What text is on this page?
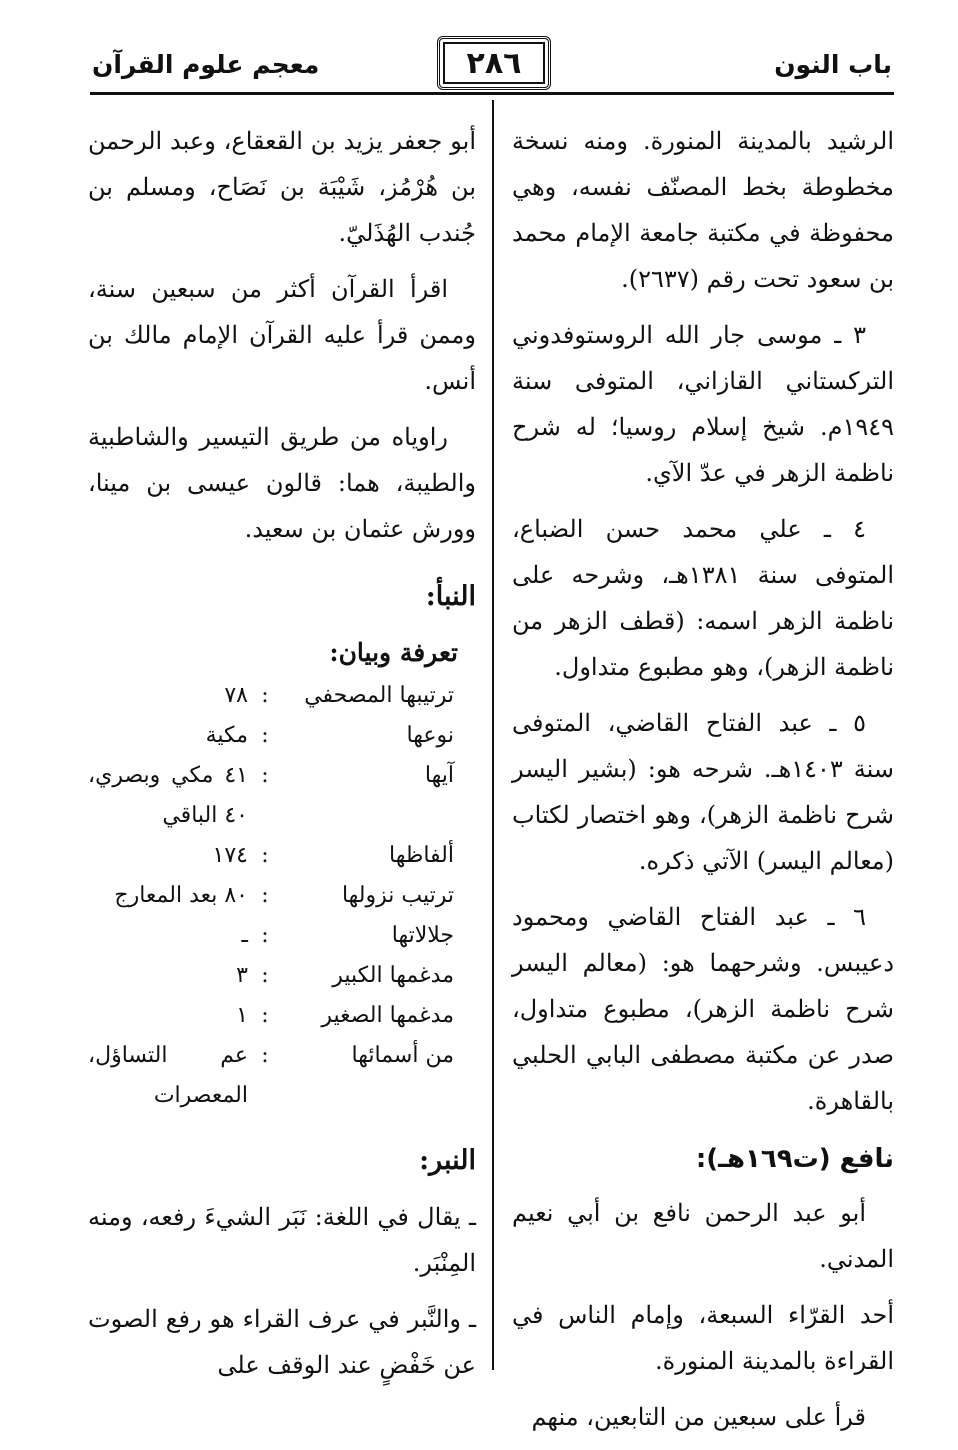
باب النون
٢٨٦
معجم علوم القرآن

الرشيد بالمدينة المنورة. ومنه نسخة مخطوطة بخط المصنّف نفسه، وهي محفوظة في مكتبة جامعة الإمام محمد بن سعود تحت رقم (٢٦٣٧).

٣ ـ موسى جار الله الروستوفدوني التركستاني القازاني، المتوفى سنة ١٩٤٩م. شيخ إسلام روسيا؛ له شرح ناظمة الزهر في عدّ الآي.

٤ ـ علي محمد حسن الضباع، المتوفى سنة ١٣٨١هـ، وشرحه على ناظمة الزهر اسمه: (قطف الزهر من ناظمة الزهر)، وهو مطبوع متداول.

٥ ـ عبد الفتاح القاضي، المتوفى سنة ١٤٠٣هـ. شرحه هو: (بشير اليسر شرح ناظمة الزهر)، وهو اختصار لكتاب (معالم اليسر) الآتي ذكره.

٦ ـ عبد الفتاح القاضي ومحمود دعيبس. وشرحهما هو: (معالم اليسر شرح ناظمة الزهر)، مطبوع متداول، صدر عن مكتبة مصطفى البابي الحلبي بالقاهرة.

نافع (ت١٦٩هـ):

أبو عبد الرحمن نافع بن أبي نعيم المدني.

أحد القرّاء السبعة، وإمام الناس في القراءة بالمدينة المنورة.

قرأ على سبعين من التابعين، منهم

أبو جعفر يزيد بن القعقاع، وعبد الرحمن بن هُرْمُز، شَيْبَة بن نَصَاح، ومسلم بن جُندب الهُذَليّ.

اقرأ القرآن أكثر من سبعين سنة، وممن قرأ عليه القرآن الإمام مالك بن أنس.

راوياه من طريق التيسير والشاطبية والطيبة، هما: قالون عيسى بن مينا، وورش عثمان بن سعيد.

النبأ:
تعرفة وبيان:
ترتيبها المصحفي
:
٧٨
نوعها
:
مكية
آيها
:
٤١ مكي وبصري، ٤٠ الباقي
ألفاظها
:
١٧٤
ترتيب نزولها
:
٨٠ بعد المعارج
جلالاتها
:
ـ
مدغمها الكبير
:
٣
مدغمها الصغير
:
١
من أسمائها
:
عم التساؤل، المعصرات
النبر:

ـ يقال في اللغة: نَبَر الشيءَ رفعه، ومنه المِنْبَر.

ـ والنَّبر في عرف القراء هو رفع الصوت عن خَفْضٍ عند الوقف على
